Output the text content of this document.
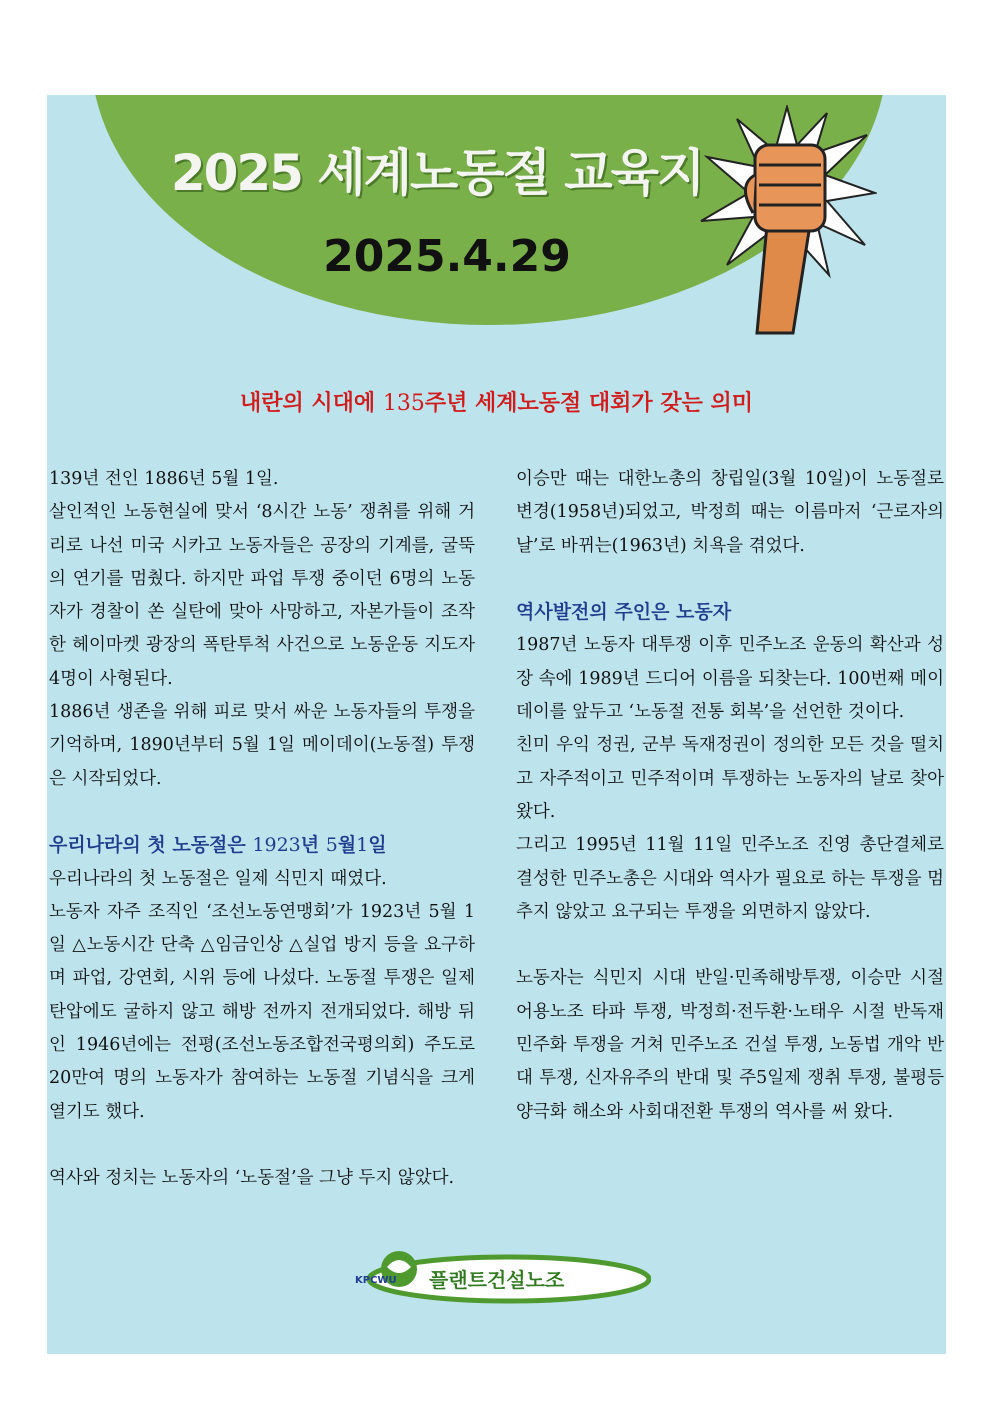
2025 세계노동절 교육지
2025.4.29
내란의 시대에 135주년 세계노동절 대회가 갖는 의미

139년 전인 1886년 5월 1일.

살인적인 노동현실에 맞서 ‘8시간 노동’ 쟁취를 위해 거리로 나선 미국 시카고 노동자들은 공장의 기계를, 굴뚝의 연기를 멈췄다. 하지만 파업 투쟁 중이던 6명의 노동자가 경찰이 쏜 실탄에 맞아 사망하고, 자본가들이 조작한 헤이마켓 광장의 폭탄투척 사건으로 노동운동 지도자 4명이 사형된다.

1886년 생존을 위해 피로 맞서 싸운 노동자들의 투쟁을 기억하며, 1890년부터 5월 1일 메이데이(노동절) 투쟁은 시작되었다.

우리나라의 첫 노동절은 1923년 5월1일

우리나라의 첫 노동절은 일제 식민지 때였다.

노동자 자주 조직인 ‘조선노동연맹회’가 1923년 5월 1일 △노동시간 단축 △임금인상 △실업 방지 등을 요구하며 파업, 강연회, 시위 등에 나섰다. 노동절 투쟁은 일제 탄압에도 굴하지 않고 해방 전까지 전개되었다. 해방 뒤인 1946년에는 전평(조선노동조합전국평의회) 주도로 20만여 명의 노동자가 참여하는 노동절 기념식을 크게 열기도 했다.

역사와 정치는 노동자의 ‘노동절’을 그냥 두지 않았다.

이승만 때는 대한노총의 창립일(3월 10일)이 노동절로 변경(1958년)되었고, 박정희 때는 이름마저 ‘근로자의날’로 바뀌는(1963년) 치욕을 겪었다.

역사발전의 주인은 노동자

1987년 노동자 대투쟁 이후 민주노조 운동의 확산과 성장 속에 1989년 드디어 이름을 되찾는다. 100번째 메이데이를 앞두고 ‘노동절 전통 회복’을 선언한 것이다.

친미 우익 정권, 군부 독재정권이 정의한 모든 것을 떨치고 자주적이고 민주적이며 투쟁하는 노동자의 날로 찾아왔다.

그리고 1995년 11월 11일 민주노조 진영 총단결체로 결성한 민주노총은 시대와 역사가 필요로 하는 투쟁을 멈추지 않았고 요구되는 투쟁을 외면하지 않았다.

노동자는 식민지 시대 반일·민족해방투쟁, 이승만 시절 어용노조 타파 투쟁, 박정희·전두환·노태우 시절 반독재 민주화 투쟁을 거쳐 민주노조 건설 투쟁, 노동법 개악 반대 투쟁, 신자유주의 반대 및 주5일제 쟁취 투쟁, 불평등 양극화 해소와 사회대전환 투쟁의 역사를 써 왔다.

KPCWU 플랜트건설노조
